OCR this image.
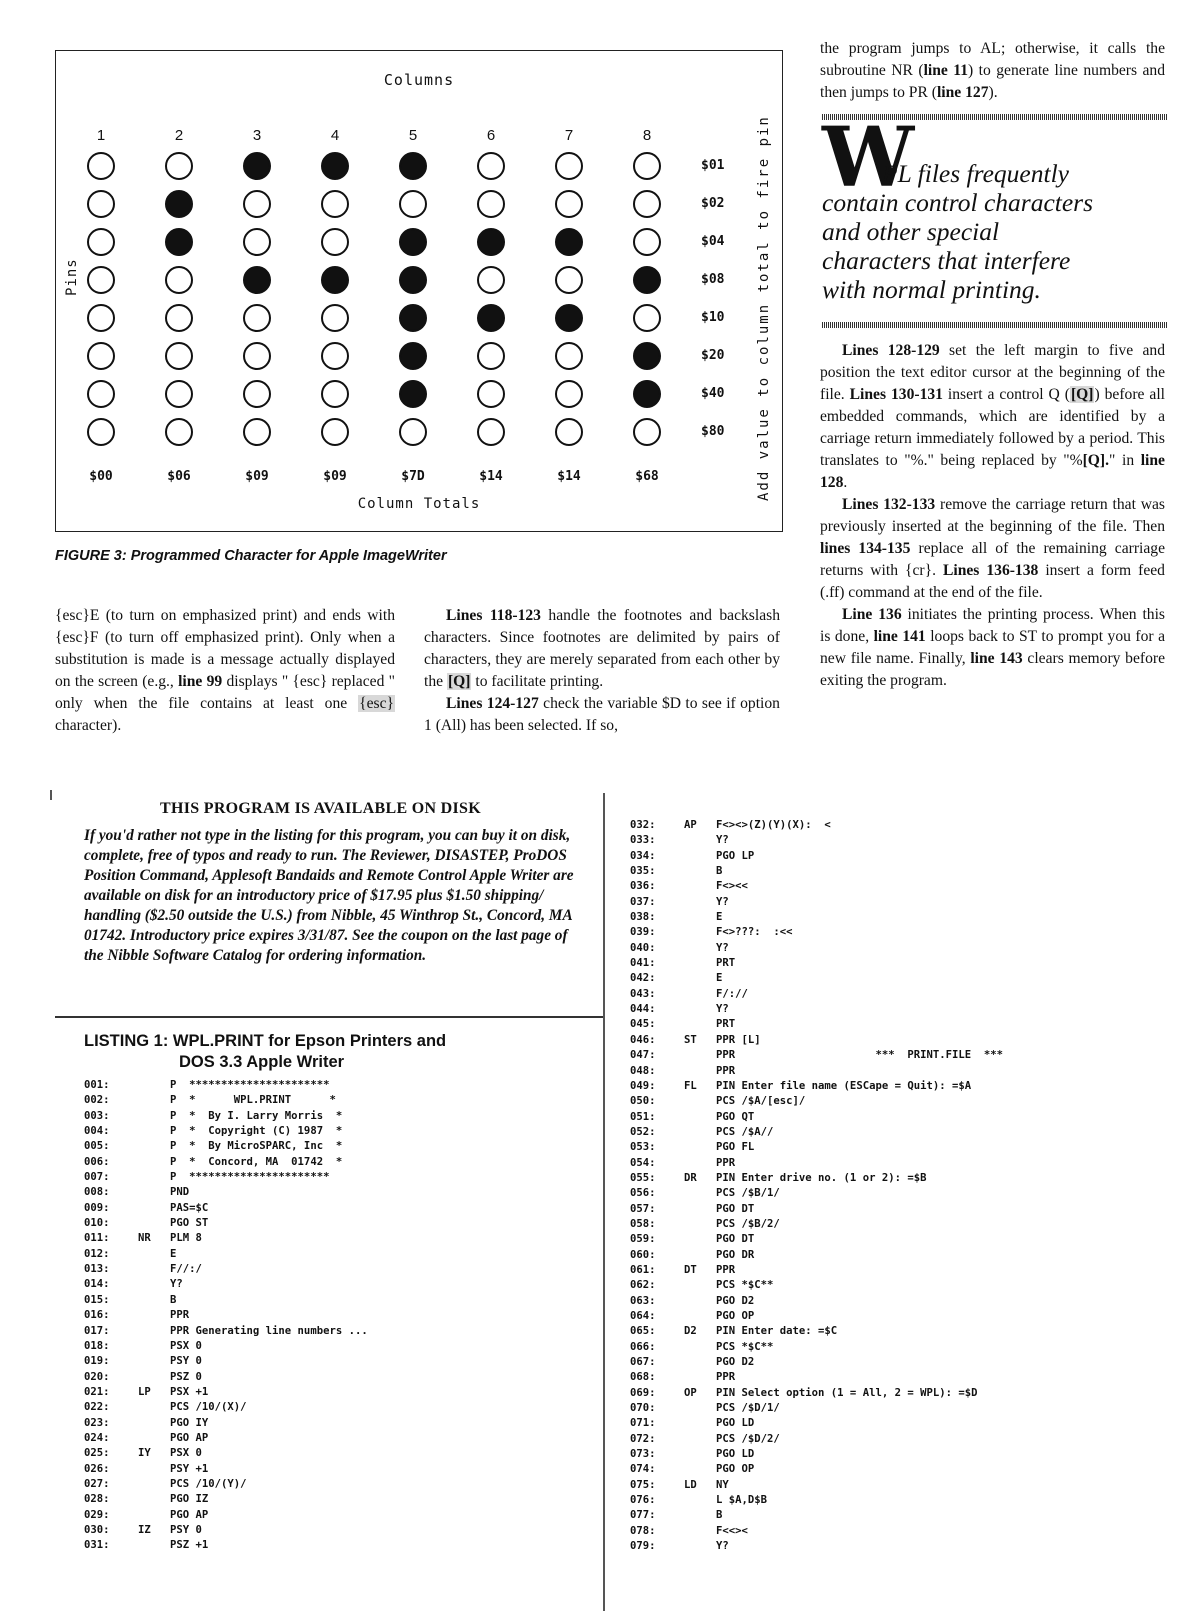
Columns
1	2	3	4	5	6	7	8
$01
$02
$04
$08
$10
$20
$40
$80
$00	$06	$09	$09	$7D	$14	$14	$68
Column Totals
Pins	Add value to column total to fire pin
FIGURE 3: Programmed Character for Apple ImageWriter

{esc}E (to turn on emphasized print) and ends with {esc}F (to turn off emphasized print). Only when a substitution is made is a message actually displayed on the screen (e.g., line 99 displays " {esc} replaced " only when the file contains at least one {esc} character).

Lines 118-123 handle the footnotes and backslash characters. Since footnotes are delimited by pairs of characters, they are merely separated from each other by the [Q] to facilitate printing.

Lines 124-127 check the variable $D to see if option 1 (All) has been selected. If so,

the program jumps to AL; otherwise, it calls the subroutine NR (line 11) to generate line numbers and then jumps to PR (line 127).

W
PL files frequently
contain control characters
and other special
characters that interfere
with normal printing.

Lines 128-129 set the left margin to five and position the text editor cursor at the beginning of the file. Lines 130-131 insert a control Q ([Q]) before all embedded commands, which are identified by a carriage return immediately followed by a period. This translates to "%." being replaced by "%[Q]." in line 128.

Lines 132-133 remove the carriage return that was previously inserted at the beginning of the file. Then lines 134-135 replace all of the remaining carriage returns with {cr}. Lines 136-138 insert a form feed (.ff) command at the end of the file.

Line 136 initiates the printing process. When this is done, line 141 loops back to ST to prompt you for a new file name. Finally, line 143 clears memory before exiting the program.

THIS PROGRAM IS AVAILABLE ON DISK
If you'd rather not type in the listing for this program, you can buy it on disk, complete, free of typos and ready to run. The Reviewer, DISASTEP, ProDOS Position Command, Applesoft Bandaids and Remote Control Apple Writer are available on disk for an introductory price of $17.95 plus $1.50 shipping/ handling ($2.50 outside the U.S.) from Nibble, 45 Winthrop St., Concord, MA 01742. Introductory price expires 3/31/87. See the coupon on the last page of the Nibble Software Catalog for ordering information.
LISTING 1: WPL.PRINT for Epson Printers and
DOS 3.3 Apple Writer
001:	P  **********************
002:	P  *      WPL.PRINT      *
003:	P  *  By I. Larry Morris  *
004:	P  *  Copyright (C) 1987  *
005:	P  *  By MicroSPARC, Inc  *
006:	P  *  Concord, MA  01742  *
007:	P  **********************
008:	PND
009:	PAS=$C
010:	PGO ST
011:	NR PLM 8
012:	E
013:	F//:/
014:	Y?
015:	B
016:	PPR
017:	PPR Generating line numbers ...
018:	PSX 0
019:	PSY 0
020:	PSZ 0
021:	LP PSX +1
022:	PCS /10/(X)/
023:	PGO IY
024:	PGO AP
025:	IY PSX 0
026:	PSY +1
027:	PCS /10/(Y)/
028:	PGO IZ
029:	PGO AP
030:	IZ PSY 0
031:	PSZ +1
032:	AP F<><>(Z)(Y)(X):  <
033:	Y?
034:	PGO LP
035:	B
036:	F<><<
037:	Y?
038:	E
039:	F<>???:  :<<
040:	Y?
041:	PRT
042:	E
043:	F/://
044:	Y?
045:	PRT
046:	ST PPR [L]
047:	PPR                      ***  PRINT.FILE  ***
048:	PPR
049:	FL PIN Enter file name (ESCape = Quit): =$A
050:	PCS /$A/[esc]/
051:	PGO QT
052:	PCS /$A//
053:	PGO FL
054:	PPR
055:	DR PIN Enter drive no. (1 or 2): =$B
056:	PCS /$B/1/
057:	PGO DT
058:	PCS /$B/2/
059:	PGO DT
060:	PGO DR
061:	DT PPR
062:	PCS *$C**
063:	PGO D2
064:	PGO OP
065:	D2 PIN Enter date: =$C
066:	PCS *$C**
067:	PGO D2
068:	PPR
069:	OP PIN Select option (1 = All, 2 = WPL): =$D
070:	PCS /$D/1/
071:	PGO LD
072:	PCS /$D/2/
073:	PGO LD
074:	PGO OP
075:	LD NY
076:	L $A,D$B
077:	B
078:	F<<><
079:	Y?
